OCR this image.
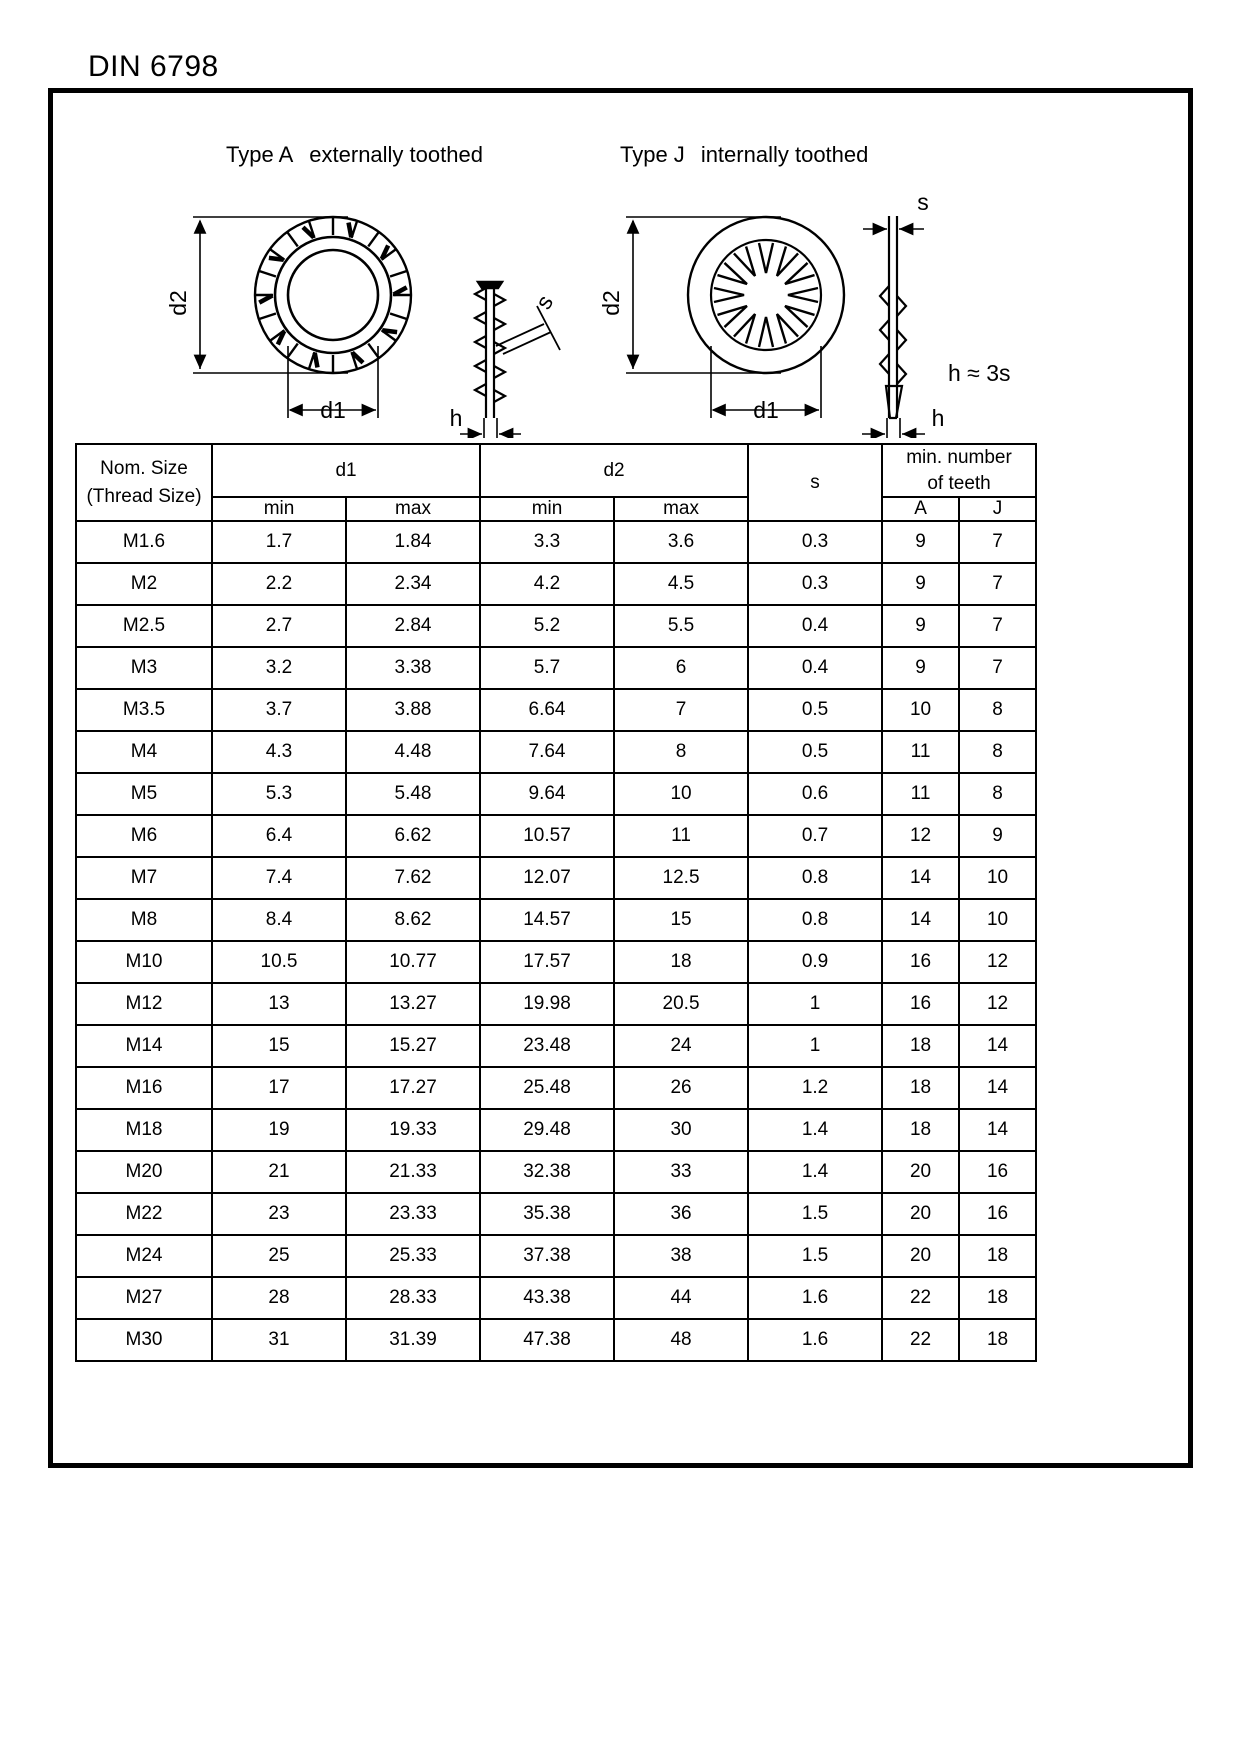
DIN 6798
Type A externally toothed	Type J internally toothed
d2
d1	h
s d2
d1	h
s
h ≈ 3s
Nom. Size
(Thread Size)
	d1	d2	s	
min. number
of teeth

	min	max	min	max		A	J
M1.6	1.7	1.84	3.3	3.6	0.3	9	7
M2	2.2	2.34	4.2	4.5	0.3	9	7
M2.5	2.7	2.84	5.2	5.5	0.4	9	7
M3	3.2	3.38	5.7	6	0.4	9	7
M3.5	3.7	3.88	6.64	7	0.5	10	8
M4	4.3	4.48	7.64	8	0.5	11	8
M5	5.3	5.48	9.64	10	0.6	11	8
M6	6.4	6.62	10.57	11	0.7	12	9
M7	7.4	7.62	12.07	12.5	0.8	14	10
M8	8.4	8.62	14.57	15	0.8	14	10
M10	10.5	10.77	17.57	18	0.9	16	12
M12	13	13.27	19.98	20.5	1	16	12
M14	15	15.27	23.48	24	1	18	14
M16	17	17.27	25.48	26	1.2	18	14
M18	19	19.33	29.48	30	1.4	18	14
M20	21	21.33	32.38	33	1.4	20	16
M22	23	23.33	35.38	36	1.5	20	16
M24	25	25.33	37.38	38	1.5	20	18
M27	28	28.33	43.38	44	1.6	22	18
M30	31	31.39	47.38	48	1.6	22	18
